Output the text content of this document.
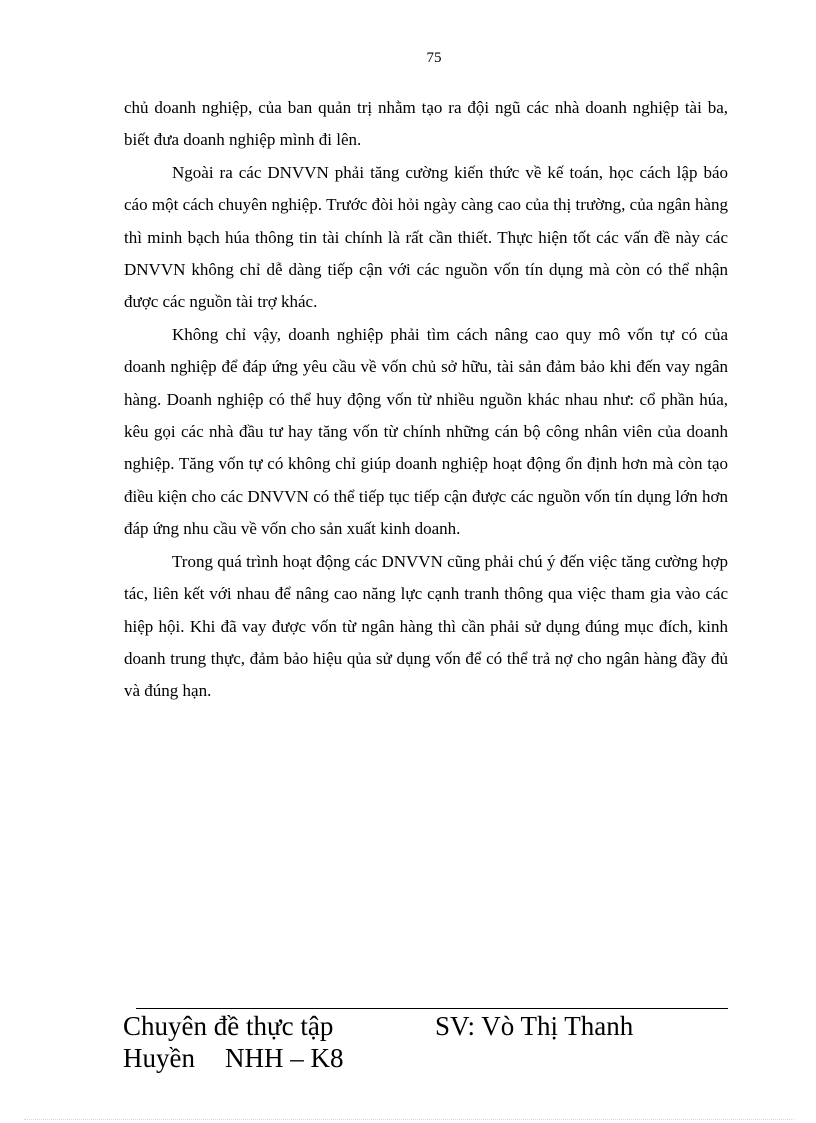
75

chủ doanh nghiệp, của ban quản trị nhằm tạo ra đội ngũ các nhà doanh nghiệp tài ba, biết đưa doanh nghiệp mình đi lên.

Ngoài ra các DNVVN phải tăng cường kiến thức về kế toán, học cách lập báo cáo một cách chuyên nghiệp. Trước đòi hỏi ngày càng cao của thị trường, của ngân hàng thì minh bạch húa thông tin tài chính là rất cần thiết. Thực hiện tốt các vấn đề này các DNVVN không chỉ dễ dàng tiếp cận với các nguồn vốn tín dụng mà còn có thể nhận được các nguồn tài trợ khác.

Không chỉ vậy, doanh nghiệp phải tìm cách nâng cao quy mô vốn tự có của doanh nghiệp để đáp ứng yêu cầu về vốn chủ sở hữu, tài sản đảm bảo khi đến vay ngân hàng. Doanh nghiệp có thể huy động vốn từ nhiều nguồn khác nhau như: cổ phần húa, kêu gọi các nhà đầu tư hay tăng vốn từ chính những cán bộ công nhân viên của doanh nghiệp. Tăng vốn tự có không chỉ giúp doanh nghiệp hoạt động ổn định hơn mà còn tạo điều kiện cho các DNVVN có thể tiếp tục tiếp cận được các nguồn vốn tín dụng lớn hơn đáp ứng nhu cầu về vốn cho sản xuất kinh doanh.

Trong quá trình hoạt động các DNVVN cũng phải chú ý đến việc tăng cường hợp tác, liên kết với nhau để nâng cao năng lực cạnh tranh thông qua việc tham gia vào các hiệp hội. Khi đã vay được vốn từ ngân hàng thì cần phải sử dụng đúng mục đích, kinh doanh trung thực, đảm bảo hiệu qủa sử dụng vốn để có thể trả nợ cho ngân hàng đầy đủ và đúng hạn.

Chuyên đề thực tập	SV: Vò Thị Thanh
Huyền NHH – K8
